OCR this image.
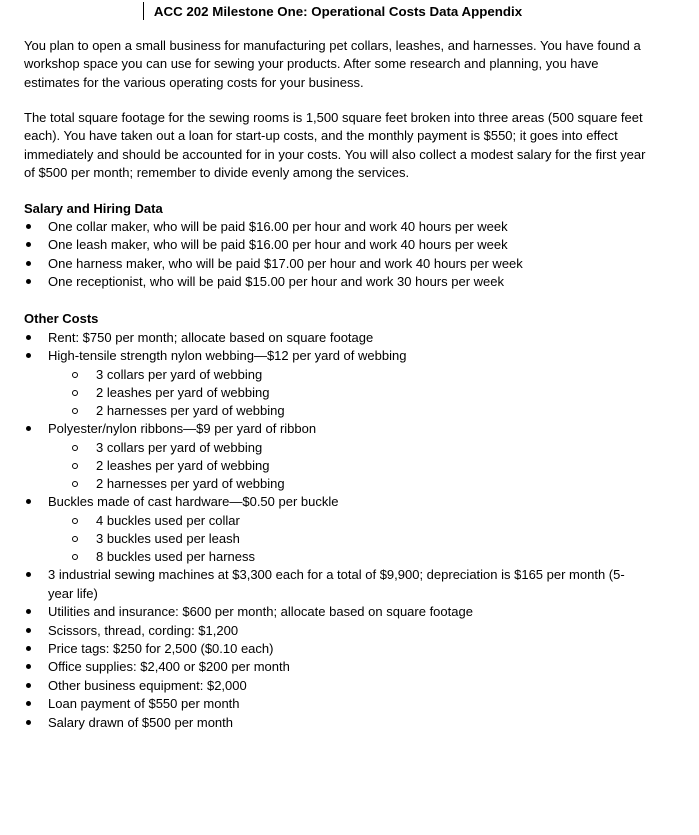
ACC 202 Milestone One: Operational Costs Data Appendix
You plan to open a small business for manufacturing pet collars, leashes, and harnesses. You have found a workshop space you can use for sewing your products. After some research and planning, you have estimates for the various operating costs for your business.
The total square footage for the sewing rooms is 1,500 square feet broken into three areas (500 square feet each). You have taken out a loan for start-up costs, and the monthly payment is $550; it goes into effect immediately and should be accounted for in your costs. You will also collect a modest salary for the first year of $500 per month; remember to divide evenly among the services.
Salary and Hiring Data
One collar maker, who will be paid $16.00 per hour and work 40 hours per week
One leash maker, who will be paid $16.00 per hour and work 40 hours per week
One harness maker, who will be paid $17.00 per hour and work 40 hours per week
One receptionist, who will be paid $15.00 per hour and work 30 hours per week
Other Costs
Rent: $750 per month; allocate based on square footage
High-tensile strength nylon webbing—$12 per yard of webbing
3 collars per yard of webbing
2 leashes per yard of webbing
2 harnesses per yard of webbing
Polyester/nylon ribbons—$9 per yard of ribbon
3 collars per yard of webbing
2 leashes per yard of webbing
2 harnesses per yard of webbing
Buckles made of cast hardware—$0.50 per buckle
4 buckles used per collar
3 buckles used per leash
8 buckles used per harness
3 industrial sewing machines at $3,300 each for a total of $9,900; depreciation is $165 per month (5-year life)
Utilities and insurance: $600 per month; allocate based on square footage
Scissors, thread, cording: $1,200
Price tags: $250 for 2,500 ($0.10 each)
Office supplies: $2,400 or $200 per month
Other business equipment: $2,000
Loan payment of $550 per month
Salary drawn of $500 per month
